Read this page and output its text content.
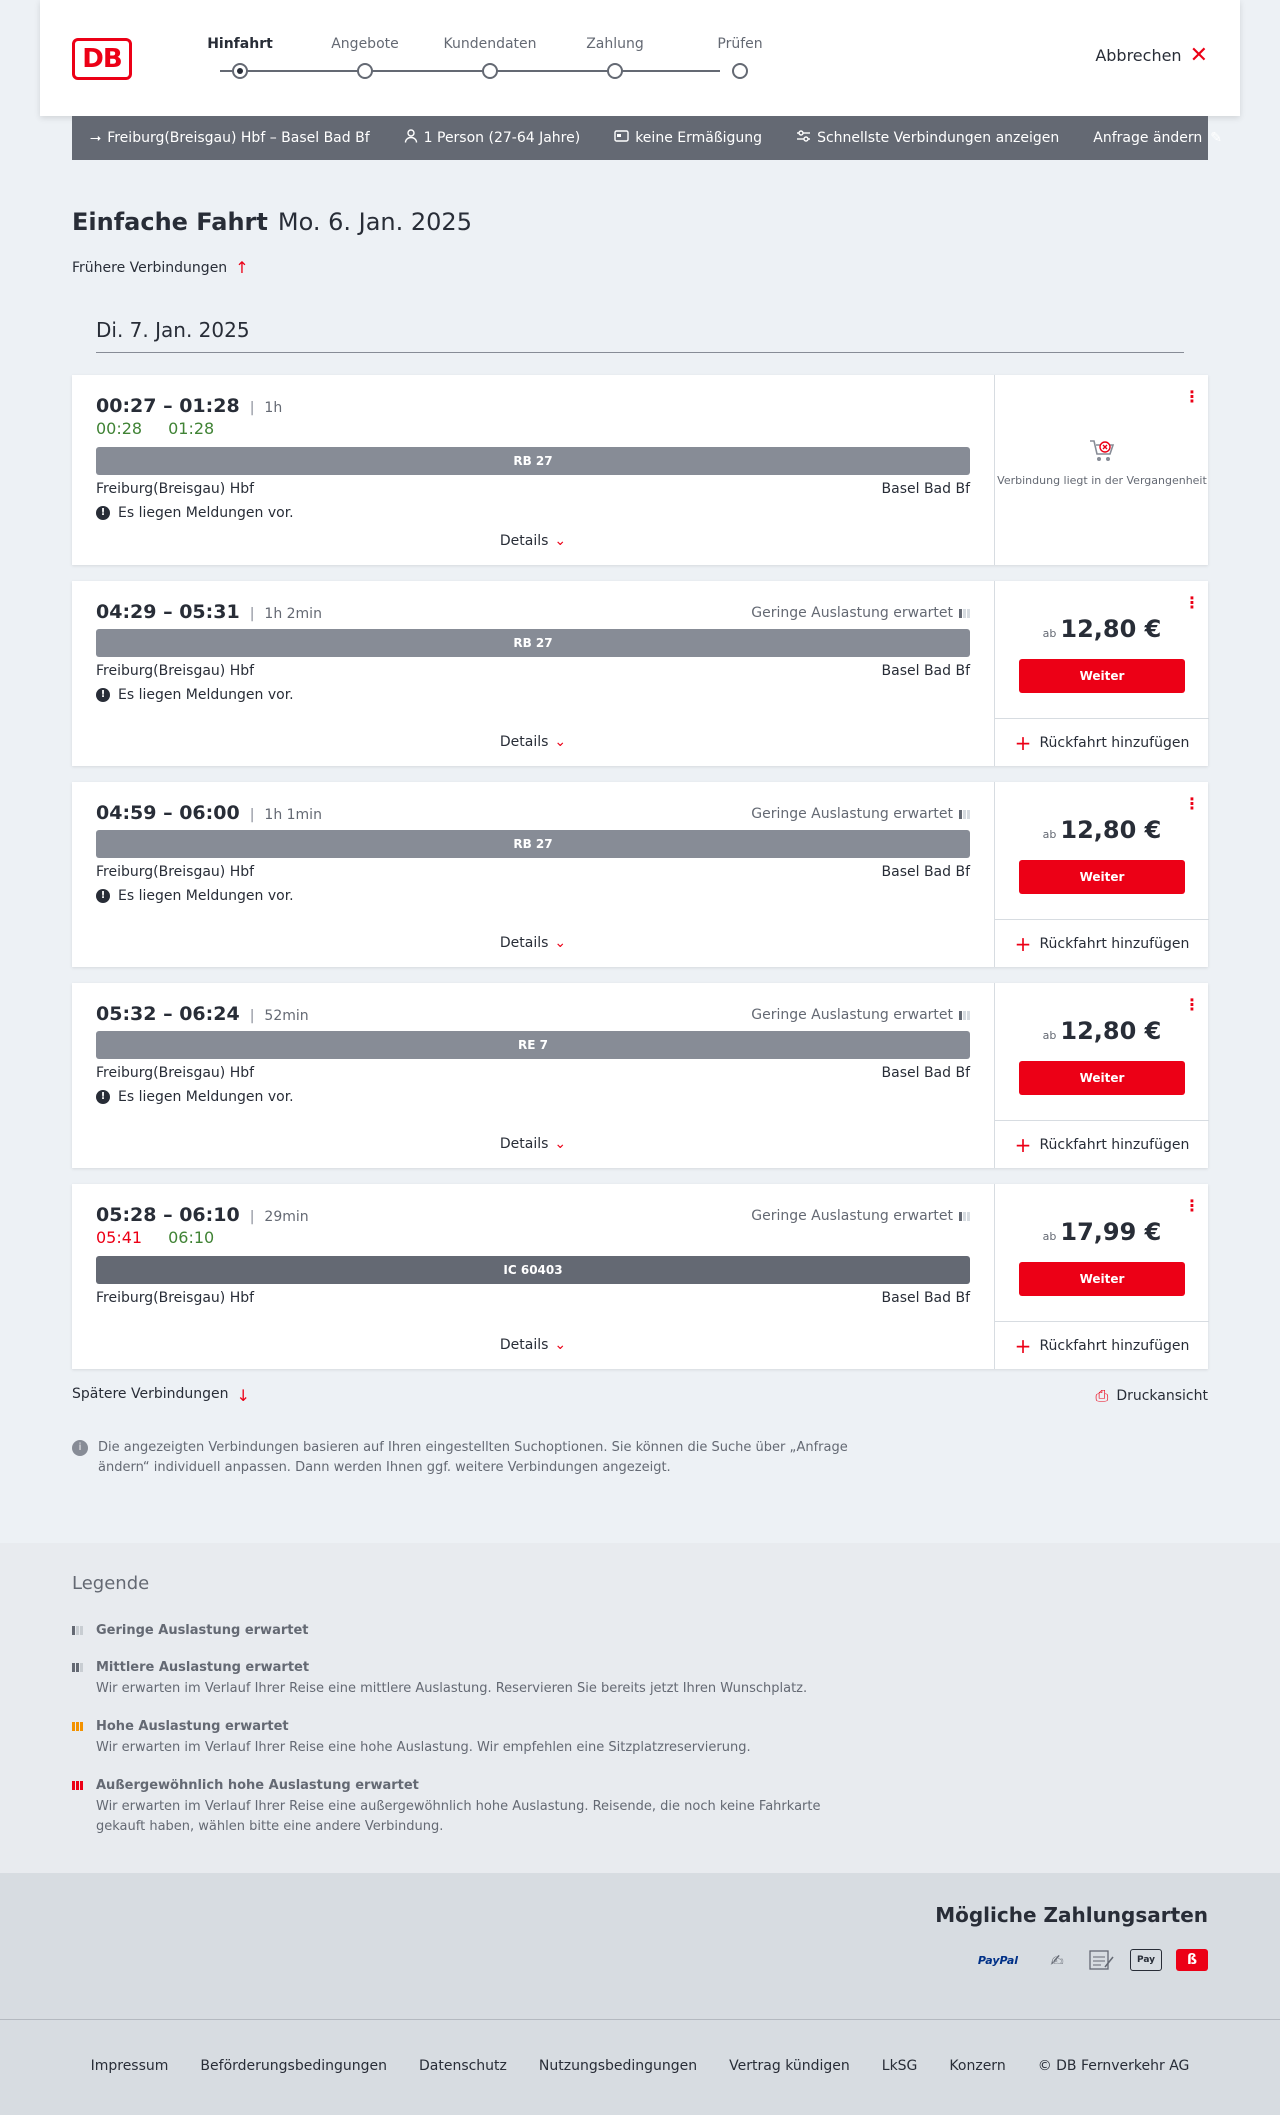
DB	Hinfahrt	Angebote	Kundendaten	Zahlung	Prüfen
Abbrechen ✕
⭢ Freiburg(Breisgau) Hbf – Basel Bad Bf	1 Person (27-64 Jahre)	keine Ermäßigung	Schnellste Verbindungen anzeigen Anfrage ändern ✎
Einfache Fahrt Mo. 6. Jan. 2025
Frühere Verbindungen ↑
Di. 7. Jan. 2025
00:27 – 01:28 | 1h
00:28 01:28
RB 27
Freiburg(Breisgau) Hbf	Basel Bad Bf
! Es liegen Meldungen vor.
Details ⌄
⋮
Verbindung liegt in der Vergangenheit
04:29 – 05:31 | 1h 2min	Geringe Auslastung erwartet
RB 27
Freiburg(Breisgau) Hbf	Basel Bad Bf
! Es liegen Meldungen vor.
Details ⌄
⋮
ab 12,80 €
Weiter
+ Rückfahrt hinzufügen
04:59 – 06:00 | 1h 1min	Geringe Auslastung erwartet
RB 27
Freiburg(Breisgau) Hbf	Basel Bad Bf
! Es liegen Meldungen vor.
Details ⌄
⋮
ab 12,80 €
Weiter
+ Rückfahrt hinzufügen
05:32 – 06:24 | 52min	Geringe Auslastung erwartet
RE 7
Freiburg(Breisgau) Hbf	Basel Bad Bf
! Es liegen Meldungen vor.
Details ⌄
⋮
ab 12,80 €
Weiter
+ Rückfahrt hinzufügen
05:28 – 06:10 | 29min
05:41 06:10
Geringe Auslastung erwartet
IC 60403
Freiburg(Breisgau) Hbf	Basel Bad Bf
Details ⌄
⋮
ab 17,99 €
Weiter
+ Rückfahrt hinzufügen
Spätere Verbindungen ↓	⎙ Druckansicht
i	Die angezeigten Verbindungen basieren auf Ihren eingestellten Suchoptionen. Sie können die Suche über „Anfrage ändern“ individuell anpassen. Dann werden Ihnen ggf. weitere Verbindungen angezeigt.
Legende
Geringe Auslastung erwartet
Mittlere Auslastung erwartet
Wir erwarten im Verlauf Ihrer Reise eine mittlere Auslastung. Reservieren Sie bereits jetzt Ihren Wunschplatz.
Hohe Auslastung erwartet
Wir erwarten im Verlauf Ihrer Reise eine hohe Auslastung. Wir empfehlen eine Sitzplatzreservierung.
Außergewöhnlich hohe Auslastung erwartet
Wir erwarten im Verlauf Ihrer Reise eine außergewöhnlich hohe Auslastung. Reisende, die noch keine Fahrkarte gekauft haben, wählen bitte eine andere Verbindung.
Mögliche Zahlungsarten
PayPal	✍	Pay	ß
Impressum Beförderungsbedingungen Datenschutz Nutzungsbedingungen Vertrag kündigen LkSG Konzern © DB Fernverkehr AG
